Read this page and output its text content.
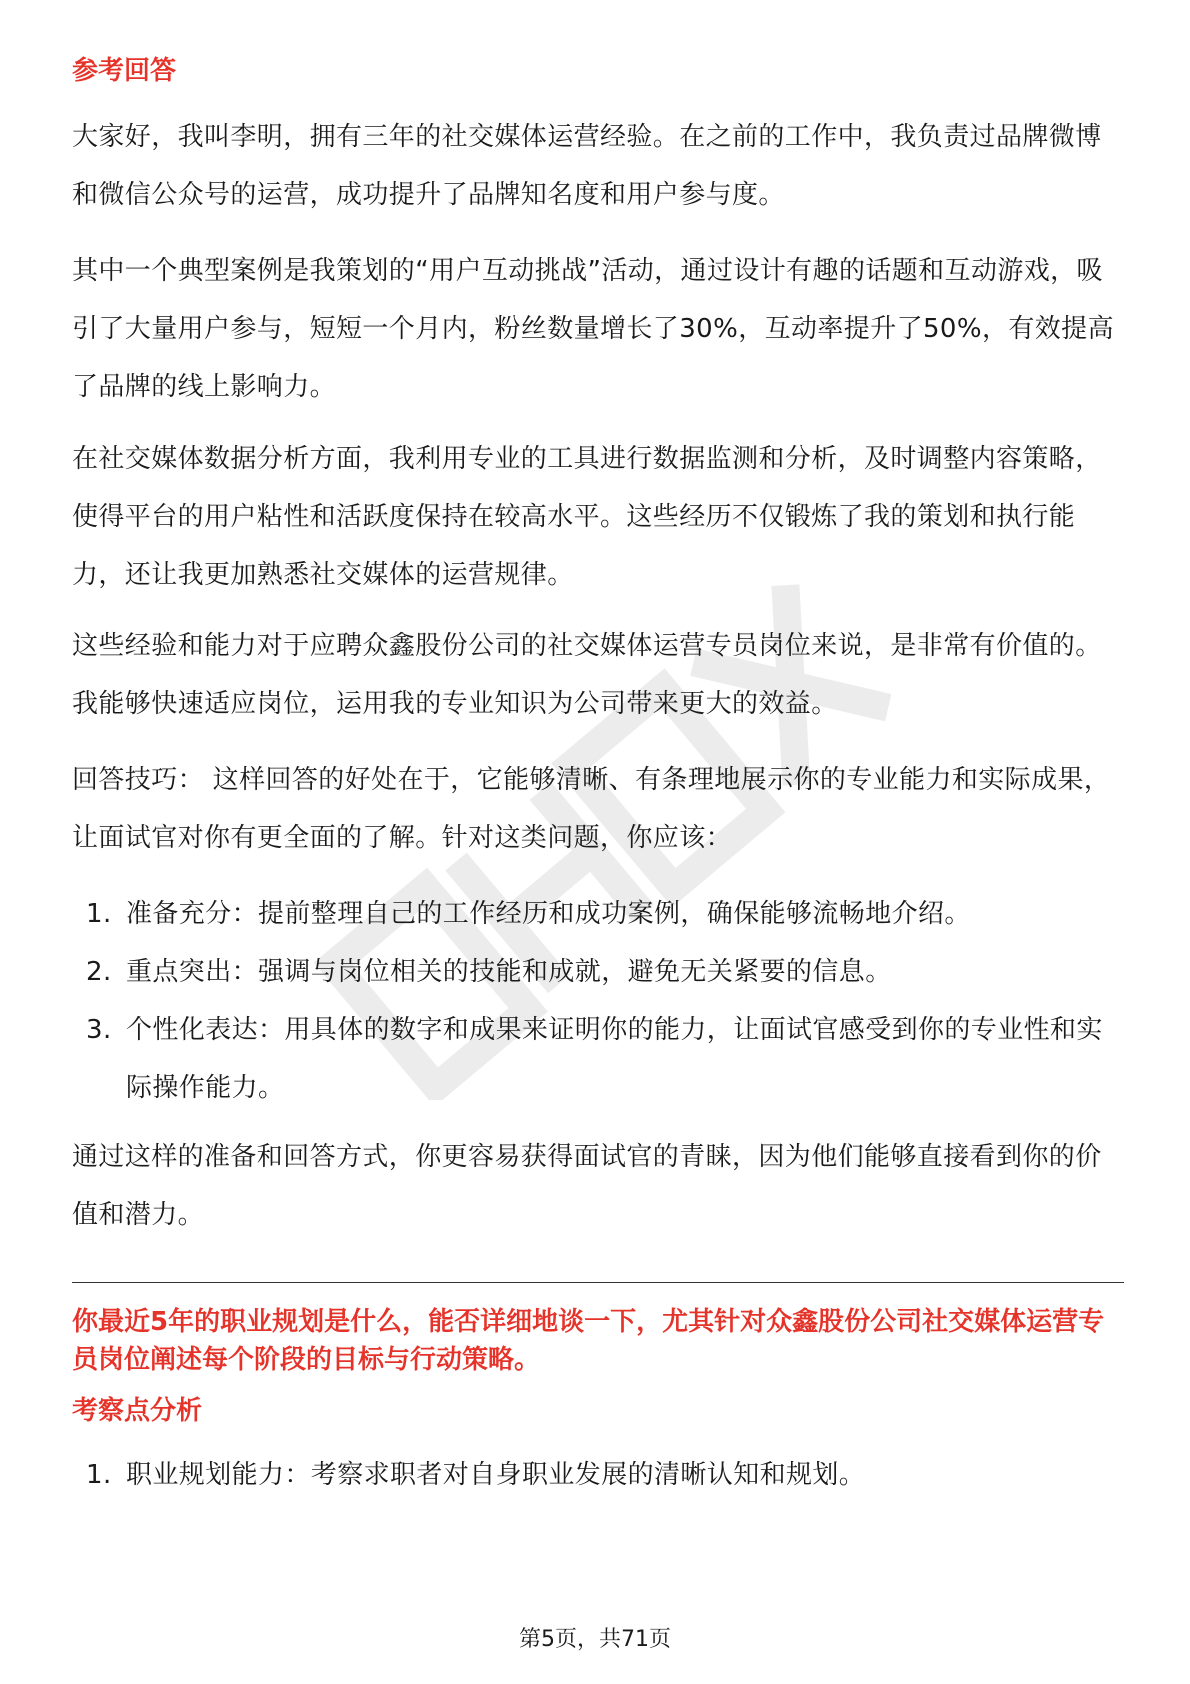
参考回答

大家好，我叫李明，拥有三年的社交媒体运营经验。在之前的工作中，我负责过品牌微博和微信公众号的运营，成功提升了品牌知名度和用户参与度。

其中一个典型案例是我策划的“用户互动挑战”活动，通过设计有趣的话题和互动游戏，吸引了大量用户参与，短短一个月内，粉丝数量增长了30%，互动率提升了50%，有效提高了品牌的线上影响力。

在社交媒体数据分析方面，我利用专业的工具进行数据监测和分析，及时调整内容策略，使得平台的用户粘性和活跃度保持在较高水平。这些经历不仅锻炼了我的策划和执行能力，还让我更加熟悉社交媒体的运营规律。

这些经验和能力对于应聘众鑫股份公司的社交媒体运营专员岗位来说，是非常有价值的。我能够快速适应岗位，运用我的专业知识为公司带来更大的效益。

回答技巧： 这样回答的好处在于，它能够清晰、有条理地展示你的专业能力和实际成果，让面试官对你有更全面的了解。针对这类问题，你应该：

1. 准备充分：提前整理自己的工作经历和成功案例，确保能够流畅地介绍。
2. 重点突出：强调与岗位相关的技能和成就，避免无关紧要的信息。
3. 个性化表达：用具体的数字和成果来证明你的能力，让面试官感受到你的专业性和实际操作能力。

通过这样的准备和回答方式，你更容易获得面试官的青睐，因为他们能够直接看到你的价值和潜力。

你最近5年的职业规划是什么，能否详细地谈一下，尤其针对众鑫股份公司社交媒体运营专员岗位阐述每个阶段的目标与行动策略。
考察点分析
1. 职业规划能力：考察求职者对自身职业发展的清晰认知和规划。
第5页，共71页
